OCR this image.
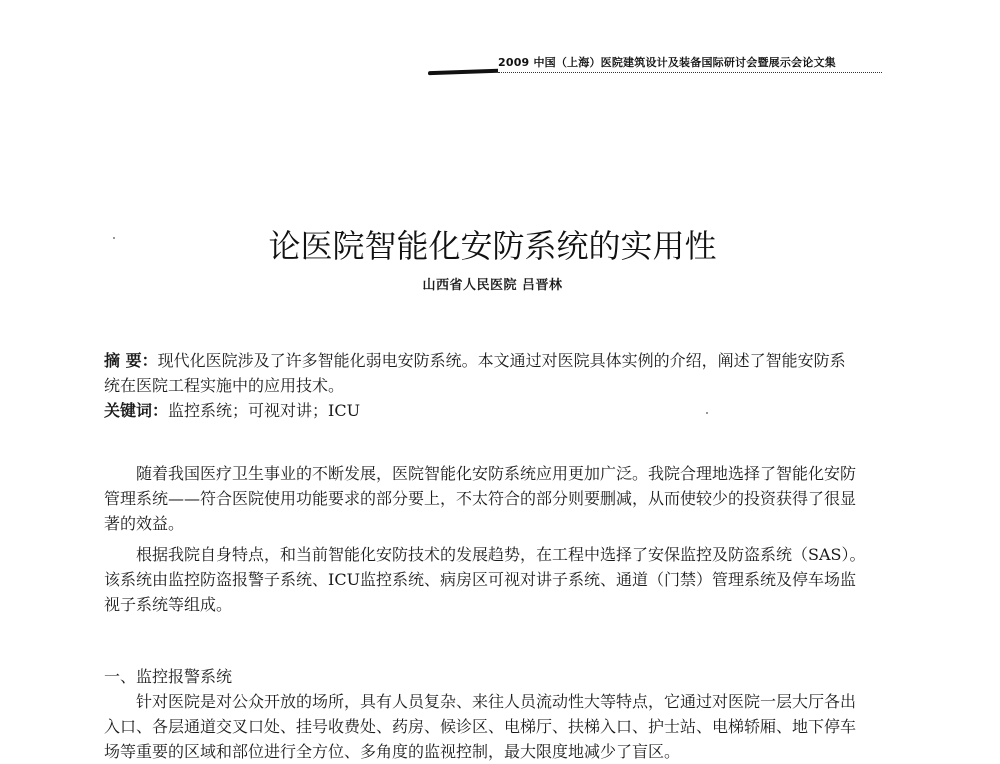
2009 中国（上海）医院建筑设计及装备国际研讨会暨展示会论文集
论医院智能化安防系统的实用性
山西省人民医院 吕晋林
摘 要：现代化医院涉及了许多智能化弱电安防系统。本文通过对医院具体实例的介绍，阐述了智能安防系
统在医院工程实施中的应用技术。
关键词：监控系统；可视对讲；ICU
随着我国医疗卫生事业的不断发展，医院智能化安防系统应用更加广泛。我院合理地选择了智能化安防
管理系统——符合医院使用功能要求的部分要上，不太符合的部分则要删减，从而使较少的投资获得了很显
著的效益。
根据我院自身特点，和当前智能化安防技术的发展趋势，在工程中选择了安保监控及防盗系统（SAS）。
该系统由监控防盗报警子系统、ICU监控系统、病房区可视对讲子系统、通道（门禁）管理系统及停车场监
视子系统等组成。
一、监控报警系统
针对医院是对公众开放的场所，具有人员复杂、来往人员流动性大等特点，它通过对医院一层大厅各出
入口、各层通道交叉口处、挂号收费处、药房、候诊区、电梯厅、扶梯入口、护士站、电梯轿厢、地下停车
场等重要的区域和部位进行全方位、多角度的监视控制，最大限度地减少了盲区。
